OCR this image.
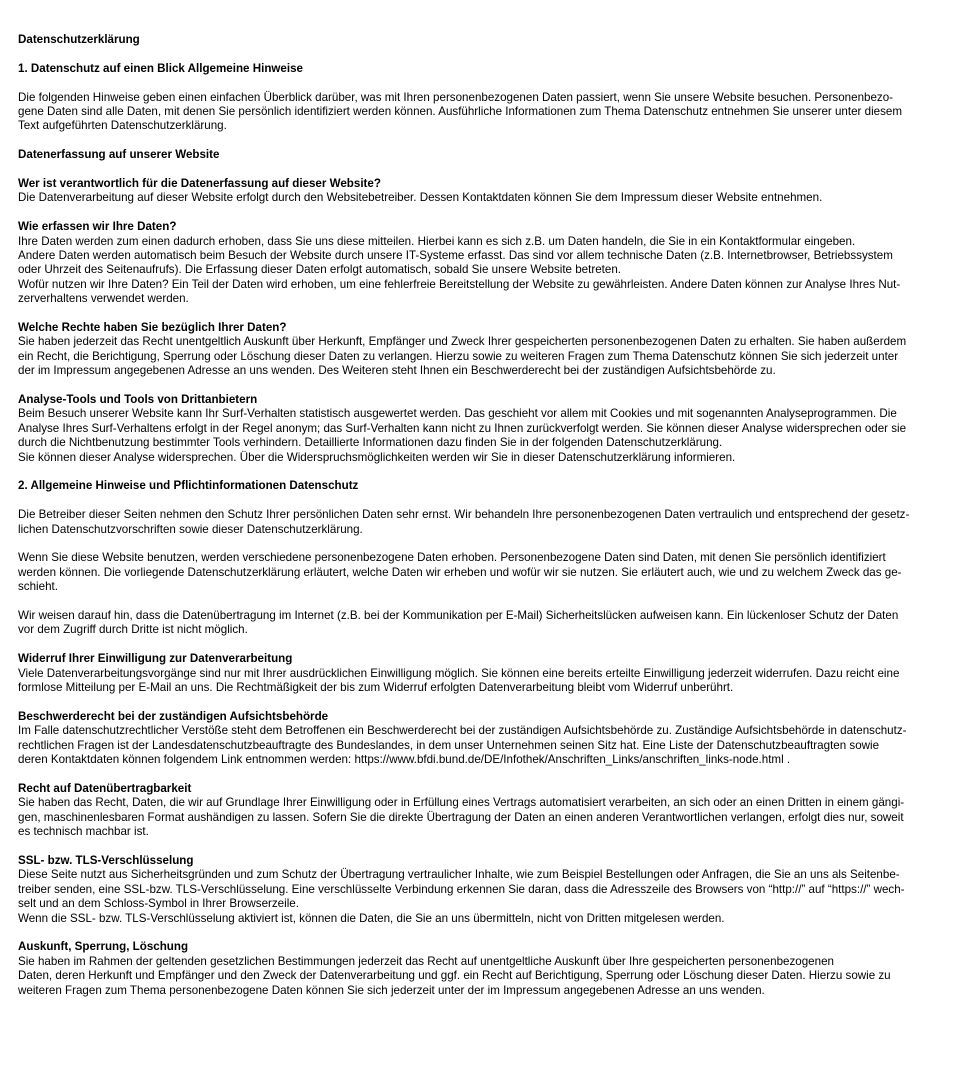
Datenschutzerklärung
1. Datenschutz auf einen Blick Allgemeine Hinweise
Die folgenden Hinweise geben einen einfachen Überblick darüber, was mit Ihren personenbezogenen Daten passiert, wenn Sie unsere Website besuchen. Personenbezo-
gene Daten sind alle Daten, mit denen Sie persönlich identifiziert werden können. Ausführliche Informationen zum Thema Datenschutz entnehmen Sie unserer unter diesem
Text aufgeführten Datenschutzerklärung.
Datenerfassung auf unserer Website
Wer ist verantwortlich für die Datenerfassung auf dieser Website?
Die Datenverarbeitung auf dieser Website erfolgt durch den Websitebetreiber. Dessen Kontaktdaten können Sie dem Impressum dieser Website entnehmen.
Wie erfassen wir Ihre Daten?
Ihre Daten werden zum einen dadurch erhoben, dass Sie uns diese mitteilen. Hierbei kann es sich z.B. um Daten handeln, die Sie in ein Kontaktformular eingeben.
Andere Daten werden automatisch beim Besuch der Website durch unsere IT-Systeme erfasst. Das sind vor allem technische Daten (z.B. Internetbrowser, Betriebssystem
oder Uhrzeit des Seitenaufrufs). Die Erfassung dieser Daten erfolgt automatisch, sobald Sie unsere Website betreten.
Wofür nutzen wir Ihre Daten? Ein Teil der Daten wird erhoben, um eine fehlerfreie Bereitstellung der Website zu gewährleisten. Andere Daten können zur Analyse Ihres Nut-
zerverhaltens verwendet werden.
Welche Rechte haben Sie bezüglich Ihrer Daten?
Sie haben jederzeit das Recht unentgeltlich Auskunft über Herkunft, Empfänger und Zweck Ihrer gespeicherten personenbezogenen Daten zu erhalten. Sie haben außerdem
ein Recht, die Berichtigung, Sperrung oder Löschung dieser Daten zu verlangen. Hierzu sowie zu weiteren Fragen zum Thema Datenschutz können Sie sich jederzeit unter
der im Impressum angegebenen Adresse an uns wenden. Des Weiteren steht Ihnen ein Beschwerderecht bei der zuständigen Aufsichtsbehörde zu.
Analyse-Tools und Tools von Drittanbietern
Beim Besuch unserer Website kann Ihr Surf-Verhalten statistisch ausgewertet werden. Das geschieht vor allem mit Cookies und mit sogenannten Analyseprogrammen. Die
Analyse Ihres Surf-Verhaltens erfolgt in der Regel anonym; das Surf-Verhalten kann nicht zu Ihnen zurückverfolgt werden. Sie können dieser Analyse widersprechen oder sie
durch die Nichtbenutzung bestimmter Tools verhindern. Detaillierte Informationen dazu finden Sie in der folgenden Datenschutzerklärung.
Sie können dieser Analyse widersprechen. Über die Widerspruchsmöglichkeiten werden wir Sie in dieser Datenschutzerklärung informieren.
2. Allgemeine Hinweise und Pflichtinformationen Datenschutz
Die Betreiber dieser Seiten nehmen den Schutz Ihrer persönlichen Daten sehr ernst. Wir behandeln Ihre personenbezogenen Daten vertraulich und entsprechend der gesetz-
lichen Datenschutzvorschriften sowie dieser Datenschutzerklärung.
Wenn Sie diese Website benutzen, werden verschiedene personenbezogene Daten erhoben. Personenbezogene Daten sind Daten, mit denen Sie persönlich identifiziert
werden können. Die vorliegende Datenschutzerklärung erläutert, welche Daten wir erheben und wofür wir sie nutzen. Sie erläutert auch, wie und zu welchem Zweck das ge-
schieht.
Wir weisen darauf hin, dass die Datenübertragung im Internet (z.B. bei der Kommunikation per E-Mail) Sicherheitslücken aufweisen kann. Ein lückenloser Schutz der Daten
vor dem Zugriff durch Dritte ist nicht möglich.
Widerruf Ihrer Einwilligung zur Datenverarbeitung
Viele Datenverarbeitungsvorgänge sind nur mit Ihrer ausdrücklichen Einwilligung möglich. Sie können eine bereits erteilte Einwilligung jederzeit widerrufen. Dazu reicht eine
formlose Mitteilung per E-Mail an uns. Die Rechtmäßigkeit der bis zum Widerruf erfolgten Datenverarbeitung bleibt vom Widerruf unberührt.
Beschwerderecht bei der zuständigen Aufsichtsbehörde
Im Falle datenschutzrechtlicher Verstöße steht dem Betroffenen ein Beschwerderecht bei der zuständigen Aufsichtsbehörde zu. Zuständige Aufsichtsbehörde in datenschutz-
rechtlichen Fragen ist der Landesdatenschutzbeauftragte des Bundeslandes, in dem unser Unternehmen seinen Sitz hat. Eine Liste der Datenschutzbeauftragten sowie
deren Kontaktdaten können folgendem Link entnommen werden: https://www.bfdi.bund.de/DE/Infothek/Anschriften_Links/anschriften_links-node.html .
Recht auf Datenübertragbarkeit
Sie haben das Recht, Daten, die wir auf Grundlage Ihrer Einwilligung oder in Erfüllung eines Vertrags automatisiert verarbeiten, an sich oder an einen Dritten in einem gängi-
gen, maschinenlesbaren Format aushändigen zu lassen. Sofern Sie die direkte Übertragung der Daten an einen anderen Verantwortlichen verlangen, erfolgt dies nur, soweit
es technisch machbar ist.
SSL- bzw. TLS-Verschlüsselung
Diese Seite nutzt aus Sicherheitsgründen und zum Schutz der Übertragung vertraulicher Inhalte, wie zum Beispiel Bestellungen oder Anfragen, die Sie an uns als Seitenbe-
treiber senden, eine SSL-bzw. TLS-Verschlüsselung. Eine verschlüsselte Verbindung erkennen Sie daran, dass die Adresszeile des Browsers von “http://” auf “https://” wech-
selt und an dem Schloss-Symbol in Ihrer Browserzeile.
Wenn die SSL- bzw. TLS-Verschlüsselung aktiviert ist, können die Daten, die Sie an uns übermitteln, nicht von Dritten mitgelesen werden.
Auskunft, Sperrung, Löschung
Sie haben im Rahmen der geltenden gesetzlichen Bestimmungen jederzeit das Recht auf unentgeltliche Auskunft über Ihre gespeicherten personenbezogenen
Daten, deren Herkunft und Empfänger und den Zweck der Datenverarbeitung und ggf. ein Recht auf Berichtigung, Sperrung oder Löschung dieser Daten. Hierzu sowie zu
weiteren Fragen zum Thema personenbezogene Daten können Sie sich jederzeit unter der im Impressum angegebenen Adresse an uns wenden.
